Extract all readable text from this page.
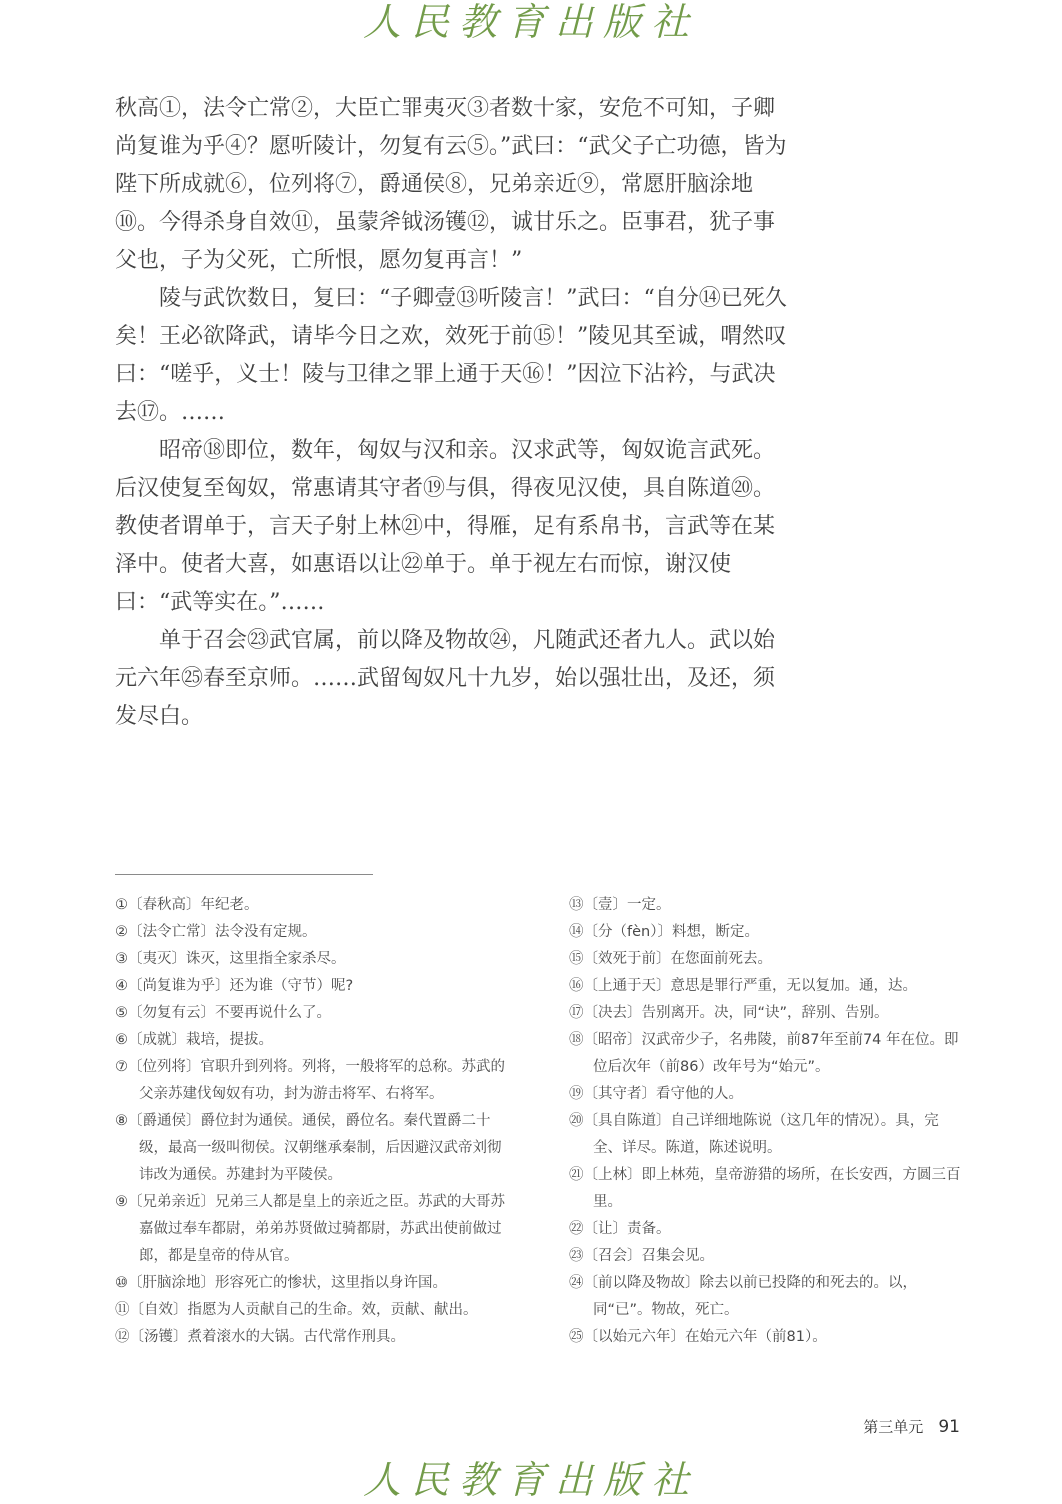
人民教育出版社

秋高①，法令亡常②，大臣亡罪夷灭③者数十家，安危不可知，子卿尚复谁为乎④？愿听陵计，勿复有云⑤。”武曰：“武父子亡功德，皆为陛下所成就⑥，位列将⑦，爵通侯⑧，兄弟亲近⑨，常愿肝脑涂地⑩。今得杀身自效⑪，虽蒙斧钺汤镬⑫，诚甘乐之。臣事君，犹子事父也，子为父死，亡所恨，愿勿复再言！”

陵与武饮数日，复曰：“子卿壹⑬听陵言！”武曰：“自分⑭已死久矣！王必欲降武，请毕今日之欢，效死于前⑮！”陵见其至诚，喟然叹曰：“嗟乎，义士！陵与卫律之罪上通于天⑯！”因泣下沾衿，与武决去⑰。……

昭帝⑱即位，数年，匈奴与汉和亲。汉求武等，匈奴诡言武死。后汉使复至匈奴，常惠请其守者⑲与俱，得夜见汉使，具自陈道⑳。教使者谓单于，言天子射上林㉑中，得雁，足有系帛书，言武等在某泽中。使者大喜，如惠语以让㉒单于。单于视左右而惊，谢汉使曰：“武等实在。”……

单于召会㉓武官属，前以降及物故㉔，凡随武还者九人。武以始元六年㉕春至京师。……武留匈奴凡十九岁，始以强壮出，及还，须发尽白。

①〔春秋高〕年纪老。

②〔法令亡常〕法令没有定规。

③〔夷灭〕诛灭，这里指全家杀尽。

④〔尚复谁为乎〕还为谁（守节）呢?

⑤〔勿复有云〕不要再说什么了。

⑥〔成就〕栽培，提拔。

⑦〔位列将〕官职升到列将。列将，一般将军的总称。苏武的父亲苏建伐匈奴有功，封为游击将军、右将军。

⑧〔爵通侯〕爵位封为通侯。通侯，爵位名。秦代置爵二十级，最高一级叫彻侯。汉朝继承秦制，后因避汉武帝刘彻讳改为通侯。苏建封为平陵侯。

⑨〔兄弟亲近〕兄弟三人都是皇上的亲近之臣。苏武的大哥苏嘉做过奉车都尉，弟弟苏贤做过骑都尉，苏武出使前做过郎，都是皇帝的侍从官。

⑩〔肝脑涂地〕形容死亡的惨状，这里指以身许国。

⑪〔自效〕指愿为人贡献自己的生命。效，贡献、献出。

⑫〔汤镬〕煮着滚水的大锅。古代常作刑具。

⑬〔壹〕一定。

⑭〔分（fèn）〕料想，断定。

⑮〔效死于前〕在您面前死去。

⑯〔上通于天〕意思是罪行严重，无以复加。通，达。

⑰〔决去〕告别离开。决，同“诀”，辞别、告别。

⑱〔昭帝〕汉武帝少子，名弗陵，前87年至前74 年在位。即位后次年（前86）改年号为“始元”。

⑲〔其守者〕看守他的人。

⑳〔具自陈道〕自己详细地陈说（这几年的情况）。具，完全、详尽。陈道，陈述说明。

㉑〔上林〕即上林苑，皇帝游猎的场所，在长安西，方圆三百里。

㉒〔让〕责备。

㉓〔召会〕召集会见。

㉔〔前以降及物故〕除去以前已投降的和死去的。以，同“已”。物故，死亡。

㉕〔以始元六年〕在始元六年（前81）。

第三单元 91
人民教育出版社
